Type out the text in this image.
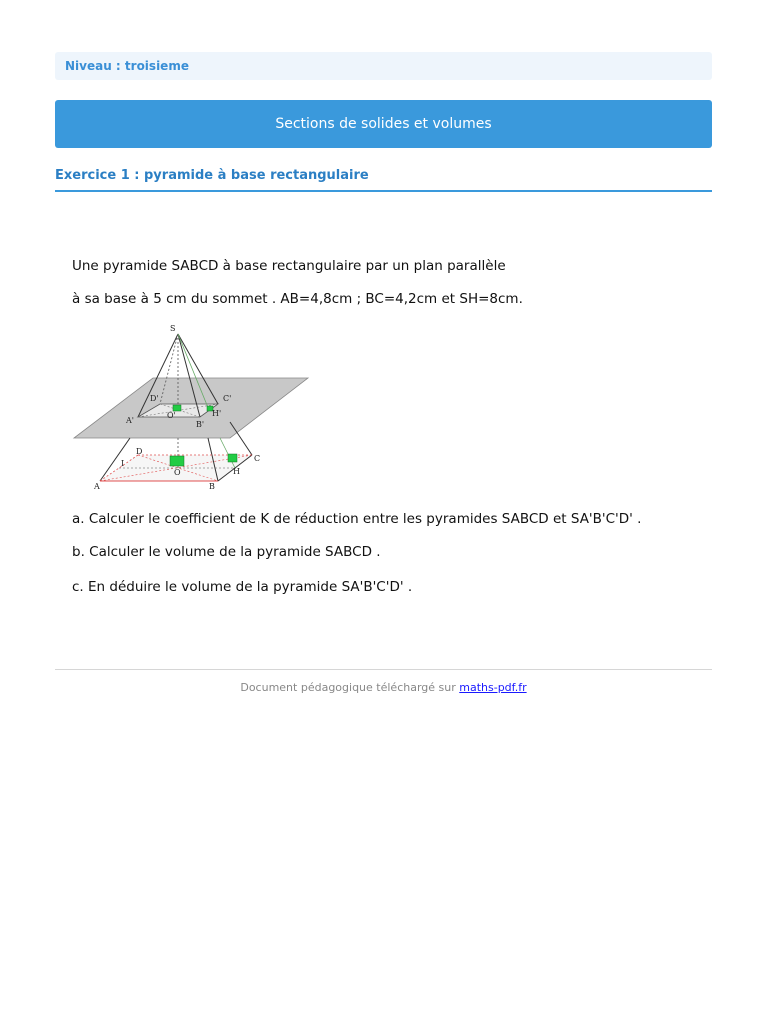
Niveau : troisieme
Sections de solides et volumes
Exercice 1 : pyramide à base rectangulaire
Une pyramide SABCD à base rectangulaire par un plan parallèle
à sa base à 5 cm du sommet . AB=4,8cm ; BC=4,2cm et SH=8cm.
S
D'	C'
O'	H'
A'	B'
D
I
O
C
H
A	B
a. Calculer le coefficient de K de réduction entre les pyramides SABCD et SA'B'C'D' .
b. Calculer le volume de la pyramide SABCD .
c. En déduire le volume de la pyramide SA'B'C'D' .
Document pédagogique téléchargé sur maths-pdf.fr
